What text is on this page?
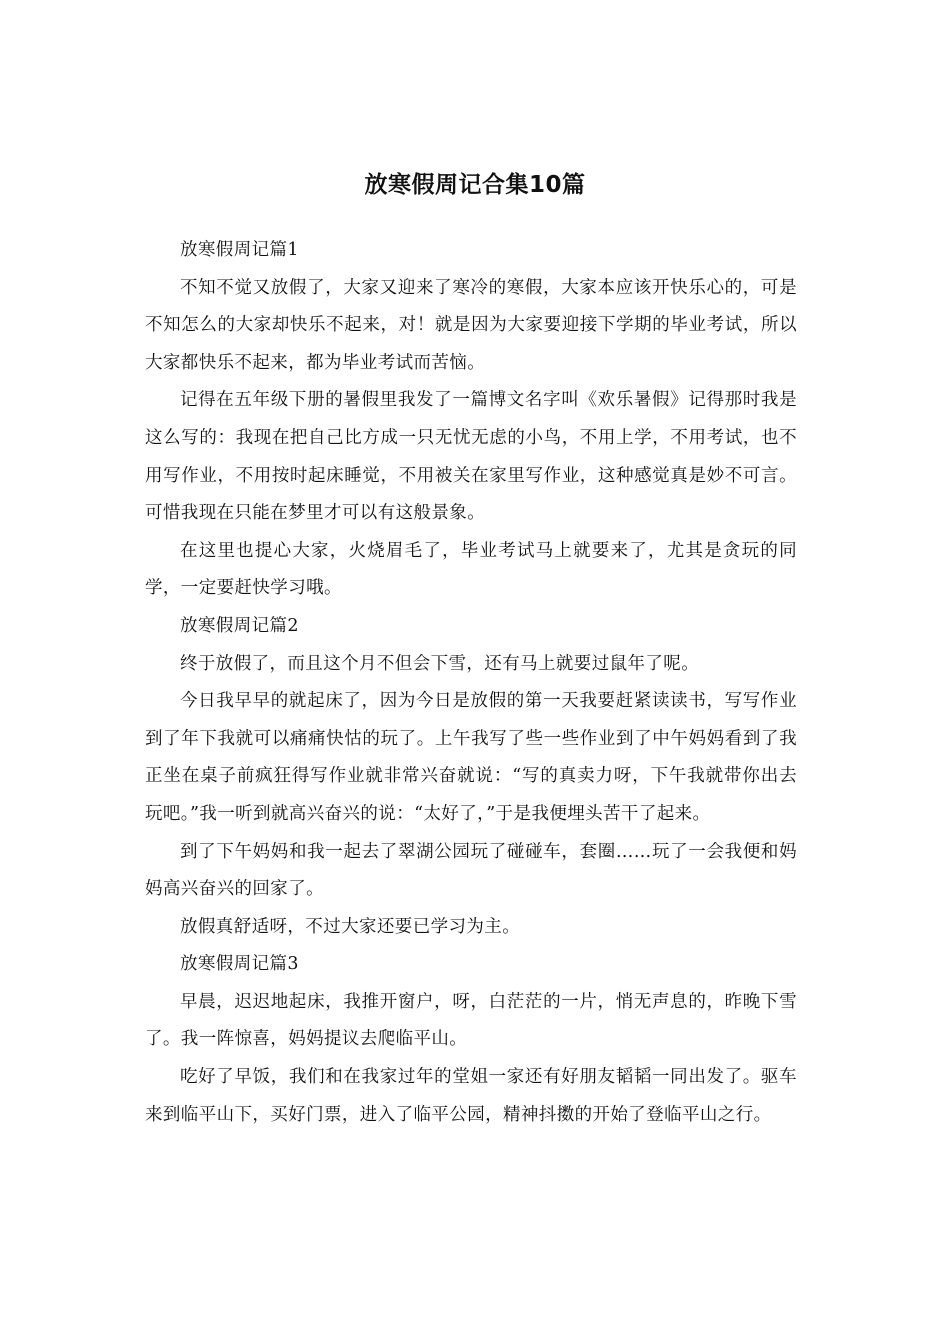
放寒假周记合集10篇

放寒假周记篇1

不知不觉又放假了，大家又迎来了寒冷的寒假，大家本应该开快乐心的，可是不知怎么的大家却快乐不起来，对！就是因为大家要迎接下学期的毕业考试，所以大家都快乐不起来，都为毕业考试而苦恼。

记得在五年级下册的暑假里我发了一篇博文名字叫《欢乐暑假》记得那时我是这么写的：我现在把自己比方成一只无忧无虑的小鸟，不用上学，不用考试，也不用写作业，不用按时起床睡觉，不用被关在家里写作业，这种感觉真是妙不可言。可惜我现在只能在梦里才可以有这般景象。

在这里也提心大家，火烧眉毛了，毕业考试马上就要来了，尤其是贪玩的同学，一定要赶快学习哦。

放寒假周记篇2

终于放假了，而且这个月不但会下雪，还有马上就要过鼠年了呢。

今日我早早的就起床了，因为今日是放假的第一天我要赶紧读读书，写写作业到了年下我就可以痛痛快怙的玩了。上午我写了些一些作业到了中午妈妈看到了我正坐在桌子前疯狂得写作业就非常兴奋就说：“写的真卖力呀，下午我就带你出去玩吧。”我一听到就高兴奋兴的说：“太好了，”于是我便埋头苦干了起来。

到了下午妈妈和我一起去了翠湖公园玩了碰碰车，套圈……玩了一会我便和妈妈高兴奋兴的回家了。

放假真舒适呀，不过大家还要已学习为主。

放寒假周记篇3

早晨，迟迟地起床，我推开窗户，呀，白茫茫的一片，悄无声息的，昨晚下雪了。我一阵惊喜，妈妈提议去爬临平山。

吃好了早饭，我们和在我家过年的堂姐一家还有好朋友韬韬一同出发了。驱车来到临平山下，买好门票，进入了临平公园，精神抖擞的开始了登临平山之行。
